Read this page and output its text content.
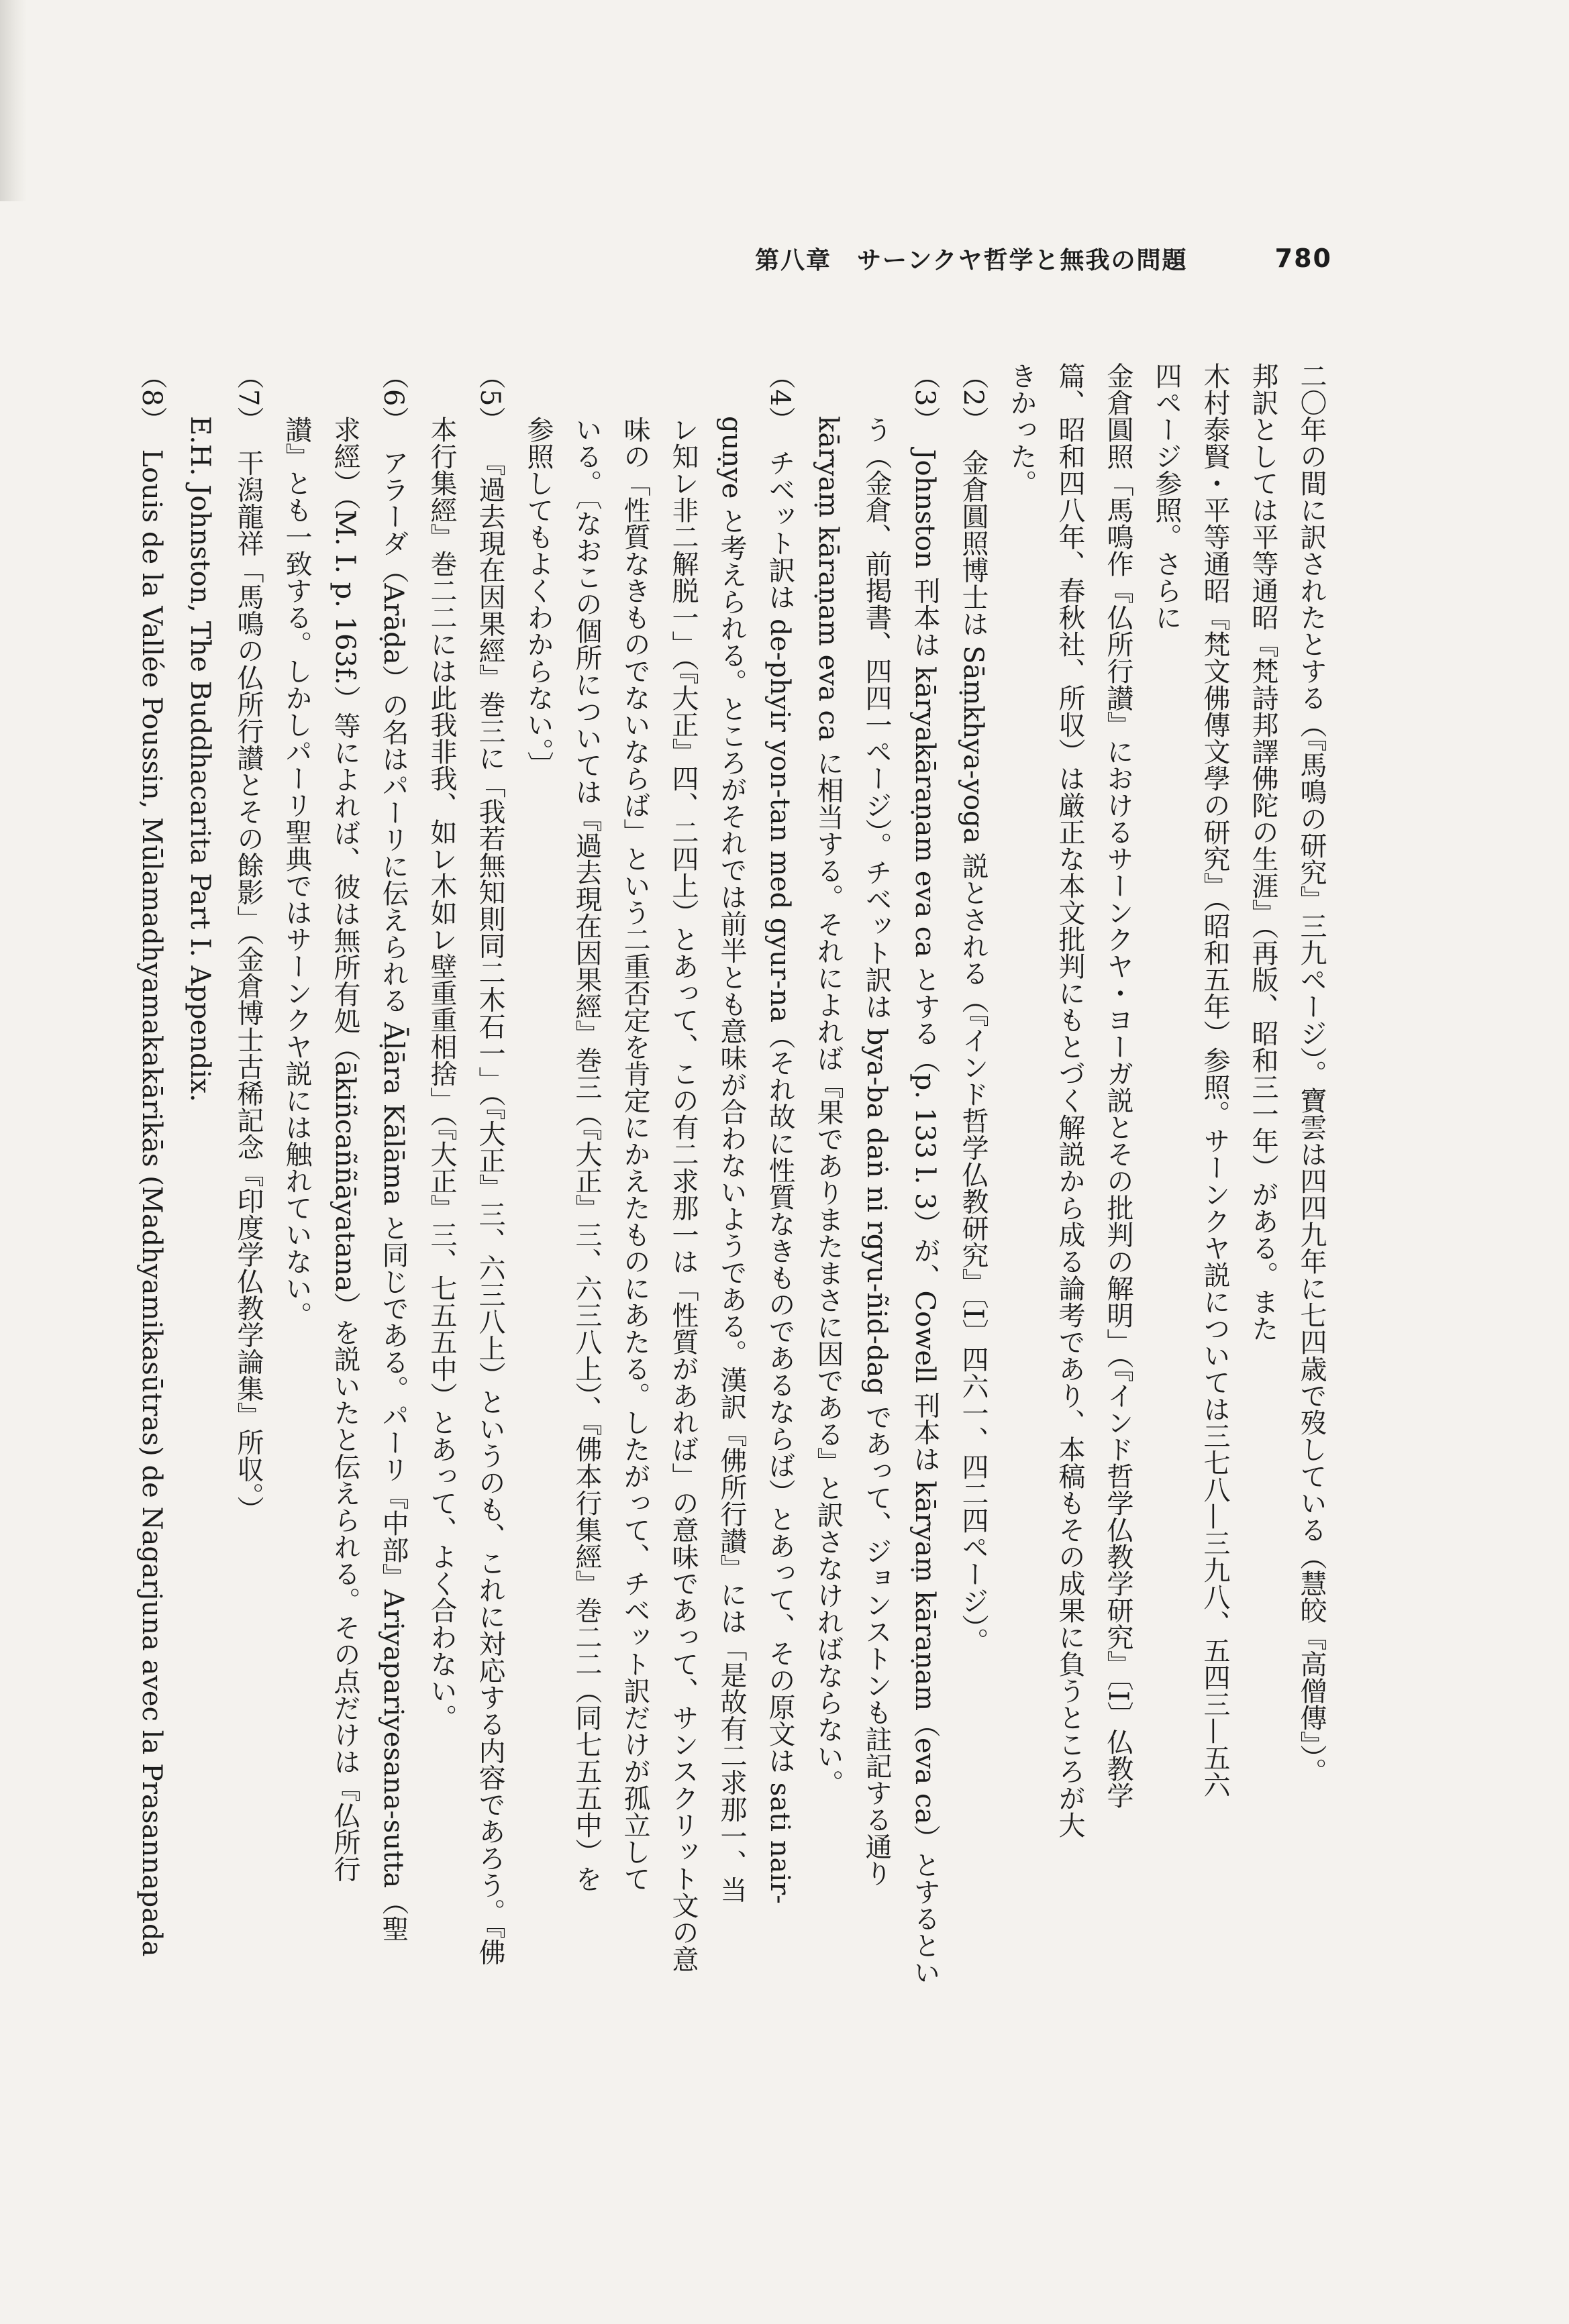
第八章　サーンクヤ哲学と無我の問題	780
二〇年の間に訳されたとする（『馬鳴の研究』三九ページ）。寶雲は四四九年に七四歳で歿している（慧皎『高僧傳』）。
邦訳としては平等通昭『梵詩邦譯佛陀の生涯』（再版、昭和三一年）がある。また
木村泰賢・平等通昭『梵文佛傳文學の研究』（昭和五年）参照。サーンクヤ説については三七八—三九八、五四三—五六
四ページ参照。さらに
金倉圓照「馬鳴作『仏所行讃』におけるサーンクヤ・ヨーガ説とその批判の解明」（『インド哲学仏教学研究』〔I〕仏教学
篇、昭和四八年、春秋社、所収）は厳正な本文批判にもとづく解説から成る論考であり、本稿もその成果に負うところが大
きかった。
（2）金倉圓照博士は Sāṃkhya-yoga 説とされる（『インド哲学仏教研究』〔I〕四六一、四二四ページ）。
（3）Johnston 刊本は kāryakāraṇam eva ca とする（p. 133 l. 3）が、Cowell 刊本は kāryaṃ kāraṇam（eva ca）とするとい
う（金倉、前掲書、四四一ページ）。チベット訳は bya-ba daṅ ni rgyu-ñid-dag であって、ジョンストンも註記する通り
kāryaṃ kāraṇam eva ca に相当する。それによれば『果でありまたまさに因である』と訳さなければならない。
（4）チベット訳は de-phyir yon-tan med gyur-na（それ故に性質なきものであるならば）とあって、その原文は sati nair-
guṇye と考えられる。ところがそれでは前半とも意味が合わないようである。漢訳『佛所行讃』には「是故有二求那一、当
レ知レ非二解脱一」（『大正』四、二四上）とあって、この有二求那一は「性質があれば」の意味であって、サンスクリット文の意
味の「性質なきものでないならば」という二重否定を肯定にかえたものにあたる。したがって、チベット訳だけが孤立して
いる。〔なおこの個所については『過去現在因果經』巻三（『大正』三、六三八上）、『佛本行集經』巻二二（同七五五中）を
参照してもよくわからない。〕
（5）『過去現在因果經』巻三に「我若無知則同二木石一」（『大正』三、六三八上）というのも、これに対応する内容であろう。『佛
本行集經』巻二二には此我非我、如レ木如レ壁重重相捨」（『大正』三、七五五中）とあって、よく合わない。
（6）アラーダ（Arāḍa）の名はパーリに伝えられる Āḷāra Kālāma と同じである。パーリ『中部』Ariyapariyesana-sutta（聖
求經）（M. I. p. 163f.）等によれば、彼は無所有処（ākiñcaññāyatana）を説いたと伝えられる。その点だけは『仏所行
讃』とも一致する。しかしパーリ聖典ではサーンクヤ説には触れていない。
（7）干潟龍祥「馬鳴の仏所行讃とその餘影」（金倉博士古稀記念『印度学仏教学論集』所収。）
E.H. Johnston, The Buddhacarita Part I. Appendix.
（8）Louis de la Vallée Poussin, Mūlamadhyamakakārikās (Madhyamikasūtras) de Nagarjuna avec la Prasannapada
